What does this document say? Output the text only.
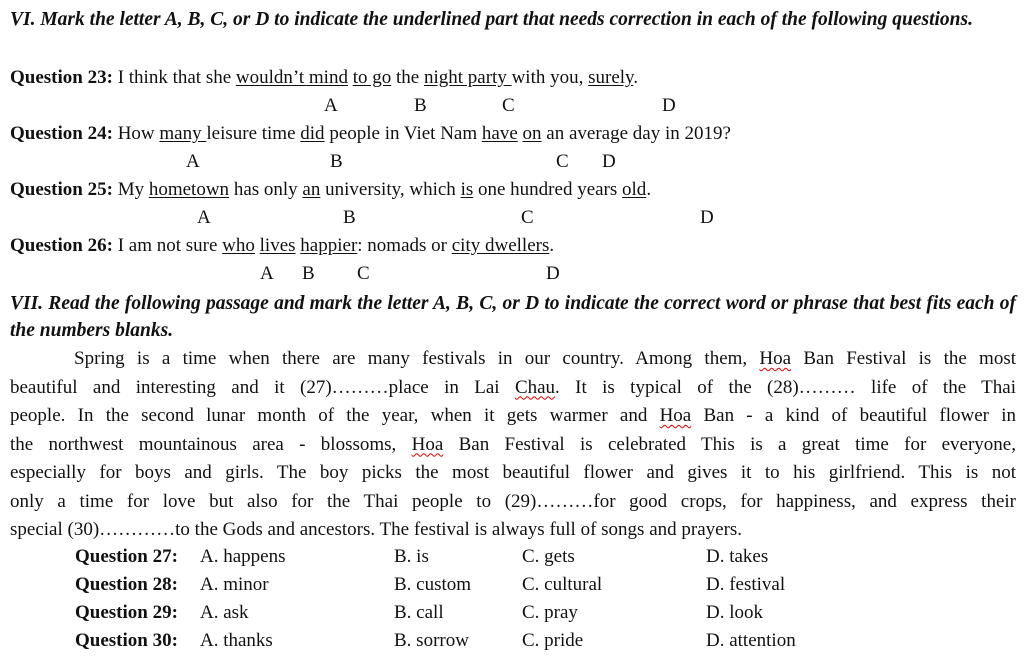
VI. Mark the letter A, B, C, or D to indicate the underlined part that needs correction in each of the following questions.
Question 23: I think that she wouldn’t mind to go the night party with you, surely.
A	B	C	D
Question 24: How many leisure time did people in Viet Nam have on an average day in 2019?
A	B	C D
Question 25: My hometown has only an university, which is one hundred years old.
A	B	C	D
Question 26: I am not sure who lives happier: nomads or city dwellers.
A B C	D
VII. Read the following passage and mark the letter A, B, C, or D to indicate the correct word or phrase that best fits each of the numbers blanks.
Spring is a time when there are many festivals in our country. Among them, Hoa Ban Festival is the most
beautiful and interesting and it (27)………place in Lai Chau. It is typical of the (28)……… life of the Thai
people. In the second lunar month of the year, when it gets warmer and Hoa Ban - a kind of beautiful flower in
the northwest mountainous area - blossoms, Hoa Ban Festival is celebrated This is a great time for everyone,
especially for boys and girls. The boy picks the most beautiful flower and gives it to his girlfriend. This is not
only a time for love but also for the Thai people to (29)………for good crops, for happiness, and express their
special (30)…………to the Gods and ancestors. The festival is always full of songs and prayers.
Question 27: A. happens	B. is	C. gets	D. takes
Question 28: A. minor	B. custom	C. cultural	D. festival
Question 29: A. ask	B. call	C. pray	D. look
Question 30: A. thanks	B. sorrow	C. pride	D. attention
